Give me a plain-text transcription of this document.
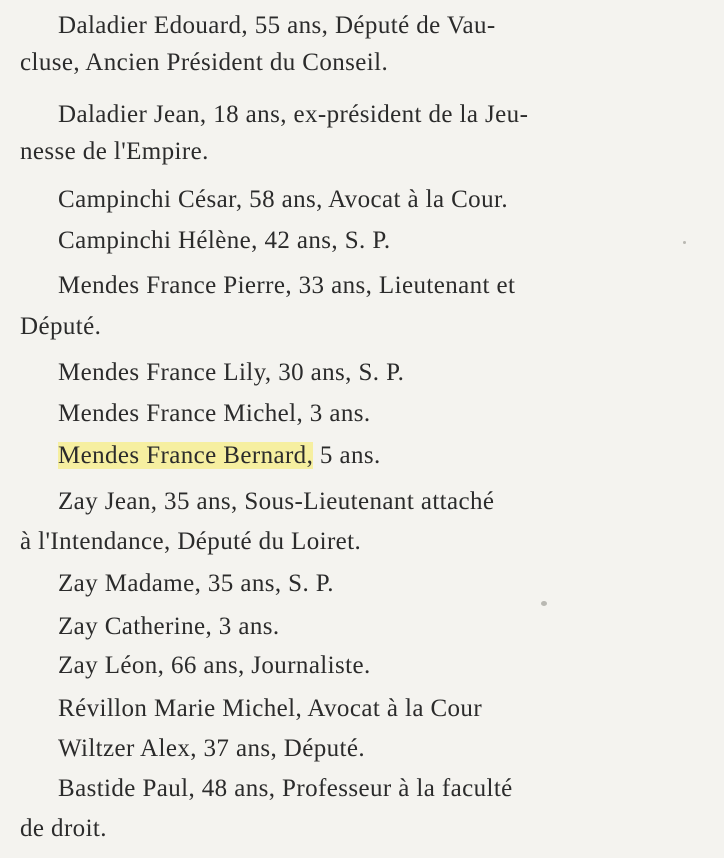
Daladier Edouard, 55 ans, Député de Vau-
cluse, Ancien Président du Conseil.
Daladier Jean, 18 ans, ex-président de la Jeu-
nesse de l'Empire.
Campinchi César, 58 ans, Avocat à la Cour.
Campinchi Hélène, 42 ans, S. P.
Mendes France Pierre, 33 ans, Lieutenant et
Député.
Mendes France Lily, 30 ans, S. P.
Mendes France Michel, 3 ans.
Mendes France Bernard, 5 ans.
Zay Jean, 35 ans, Sous-Lieutenant attaché
à l'Intendance, Député du Loiret.
Zay Madame, 35 ans, S. P.
Zay Catherine, 3 ans.
Zay Léon, 66 ans, Journaliste.
Révillon Marie Michel, Avocat à la Cour
Wiltzer Alex, 37 ans, Député.
Bastide Paul, 48 ans, Professeur à la faculté
de droit.
